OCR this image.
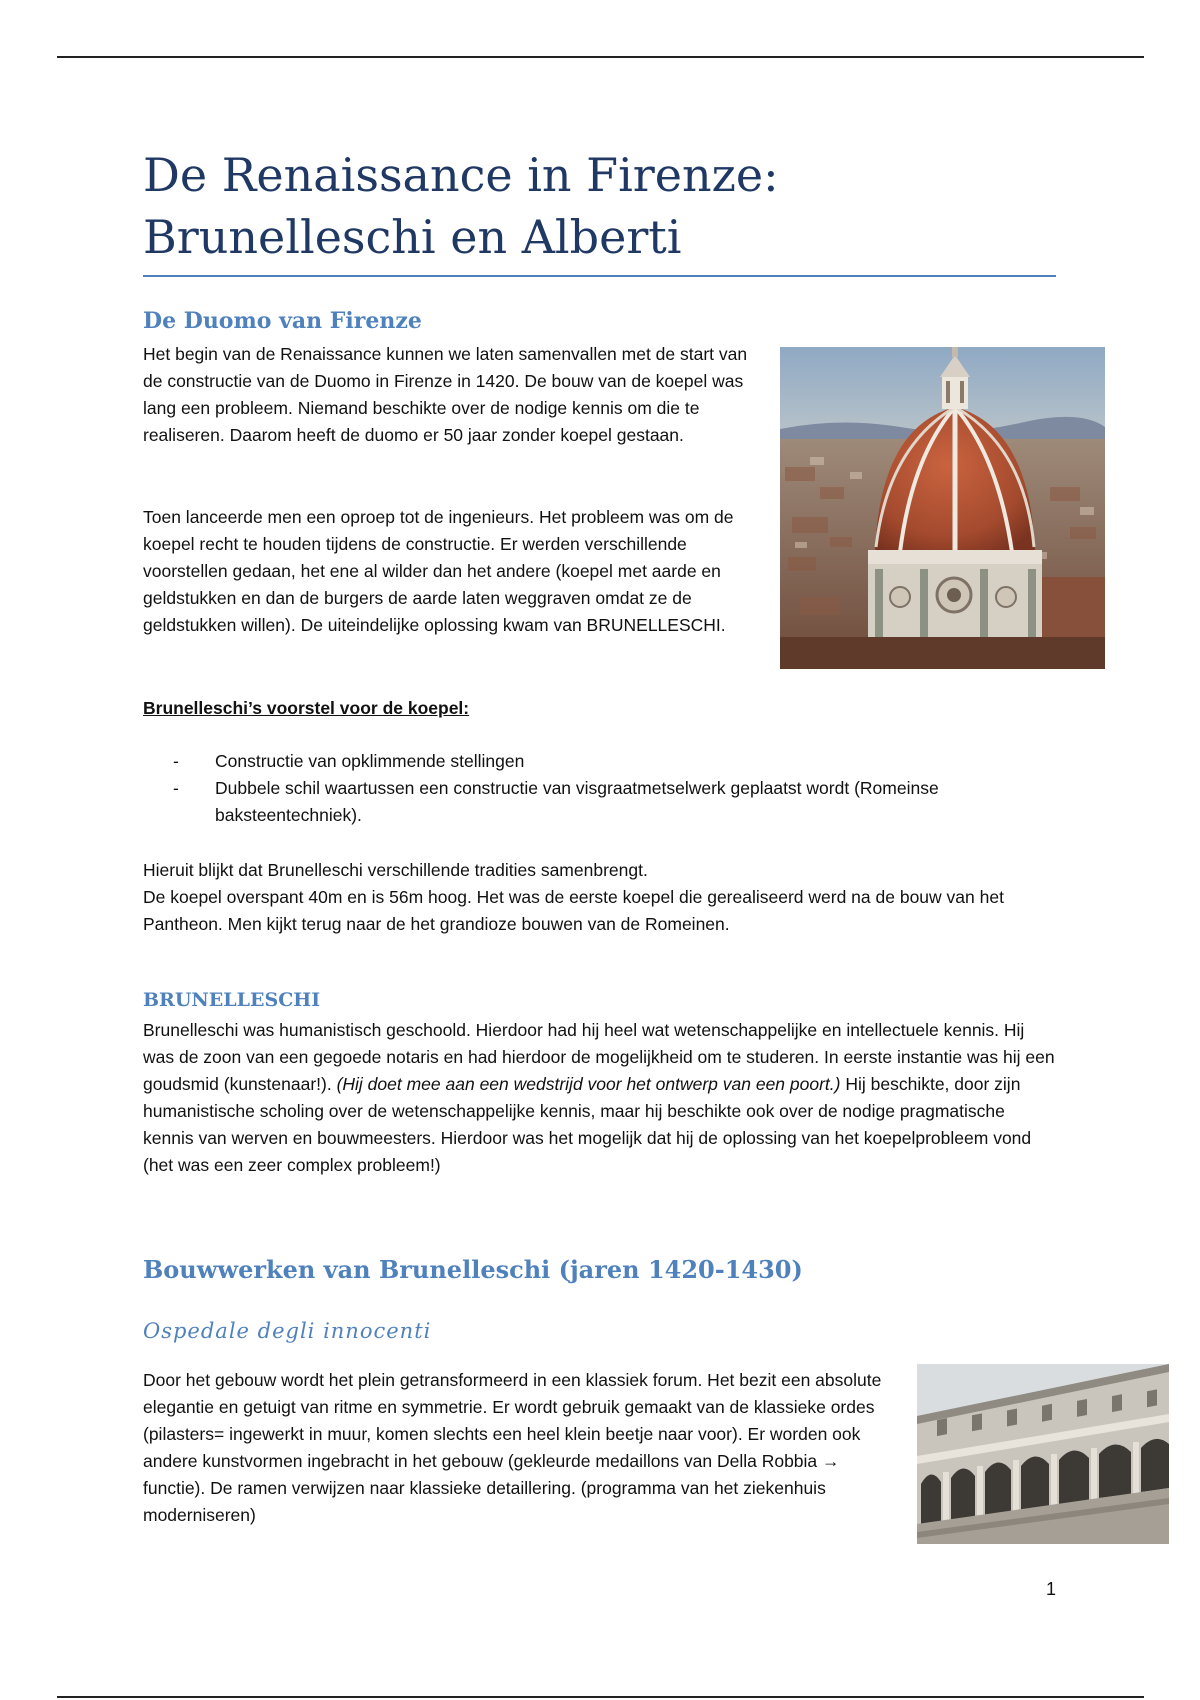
De Renaissance in Firenze: Brunelleschi en Alberti
De Duomo van Firenze
Het begin van de Renaissance kunnen we laten samenvallen met de start van de constructie van de Duomo in Firenze in 1420. De bouw van de koepel was lang een probleem. Niemand beschikte over de nodige kennis om die te realiseren. Daarom heeft de duomo er 50 jaar zonder koepel gestaan.
Toen lanceerde men een oproep tot de ingenieurs. Het probleem was om de koepel recht te houden tijdens de constructie. Er werden verschillende voorstellen gedaan, het ene al wilder dan het andere (koepel met aarde en geldstukken en dan de burgers de aarde laten weggraven omdat ze de geldstukken willen). De uiteindelijke oplossing kwam van BRUNELLESCHI.
Brunelleschi’s voorstel voor de koepel:
- Constructie van opklimmende stellingen
- Dubbele schil waartussen een constructie van visgraatmetselwerk geplaatst wordt (Romeinse baksteentechniek).
Hieruit blijkt dat Brunelleschi verschillende tradities samenbrengt.
De koepel overspant 40m en is 56m hoog. Het was de eerste koepel die gerealiseerd werd na de bouw van het Pantheon. Men kijkt terug naar de het grandioze bouwen van de Romeinen.
BRUNELLESCHI
Brunelleschi was humanistisch geschoold. Hierdoor had hij heel wat wetenschappelijke en intellectuele kennis. Hij was de zoon van een gegoede notaris en had hierdoor de mogelijkheid om te studeren. In eerste instantie was hij een goudsmid (kunstenaar!). (Hij doet mee aan een wedstrijd voor het ontwerp van een poort.) Hij beschikte, door zijn humanistische scholing over de wetenschappelijke kennis, maar hij beschikte ook over de nodige pragmatische kennis van werven en bouwmeesters. Hierdoor was het mogelijk dat hij de oplossing van het koepelprobleem vond (het was een zeer complex probleem!)
Bouwwerken van Brunelleschi (jaren 1420-1430)
Ospedale degli innocenti
Door het gebouw wordt het plein getransformeerd in een klassiek forum. Het bezit een absolute elegantie en getuigt van ritme en symmetrie. Er wordt gebruik gemaakt van de klassieke ordes (pilasters= ingewerkt in muur, komen slechts een heel klein beetje naar voor). Er worden ook andere kunstvormen ingebracht in het gebouw (gekleurde medaillons van Della Robbia → functie). De ramen verwijzen naar klassieke detaillering. (programma van het ziekenhuis moderniseren)
1
